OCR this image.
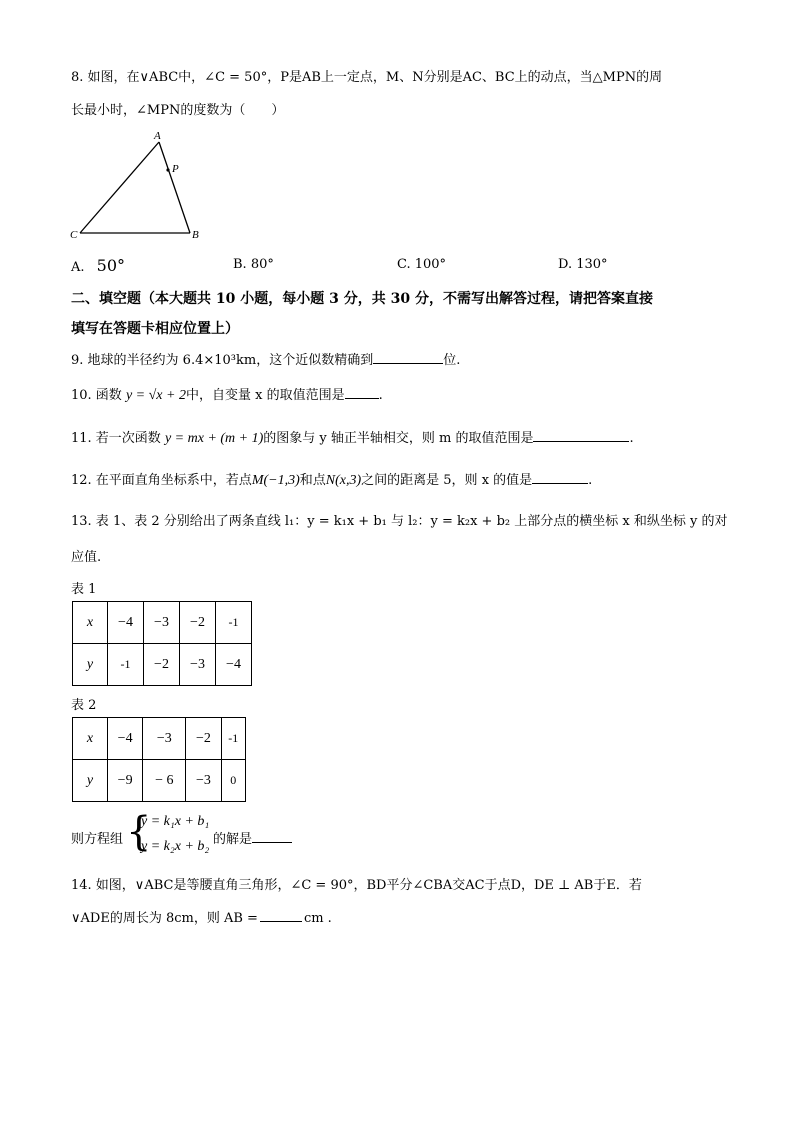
8. 如图，在∨ABC中，∠C = 50°，P是AB上一定点，M、N分别是AC、BC上的动点，当△MPN的周
长最小时，∠MPN的度数为（　　）
A
P
C	B
A. 50°	B. 80°	C. 100°	D. 130°
二、填空题（本大题共 10 小题，每小题 3 分，共 30 分，不需写出解答过程，请把答案直接
填写在答题卡相应位置上）
9. 地球的半径约为 6.4×10³km，这个近似数精确到	位.
10. 函数 y = √x + 2中，自变量 x 的取值范围是	.
11. 若一次函数 y = mx + (m + 1)的图象与 y 轴正半轴相交，则 m 的取值范围是	.
12. 在平面直角坐标系中，若点M(−1,3)和点N(x,3)之间的距离是 5，则 x 的值是	.
13. 表 1、表 2 分别给出了两条直线 l₁：y = k₁x + b₁ 与 l₂：y = k₂x + b₂ 上部分点的横坐标 x 和纵坐标 y 的对
应值.
表 1
x	−4	−3	−2	-1
y	-1	−2	−3	−4
表 2
x	−4	−3	−2	-1
y	−9	− 6	−3	0
则方程组 {
y = k₁x + b₁
y = k₂x + b₂ 的解是
14. 如图，∨ABC是等腰直角三角形，∠C = 90°，BD平分∠CBA交AC于点D，DE ⊥ AB于E．若
∨ADE的周长为 8cm，则 AB =	cm .
